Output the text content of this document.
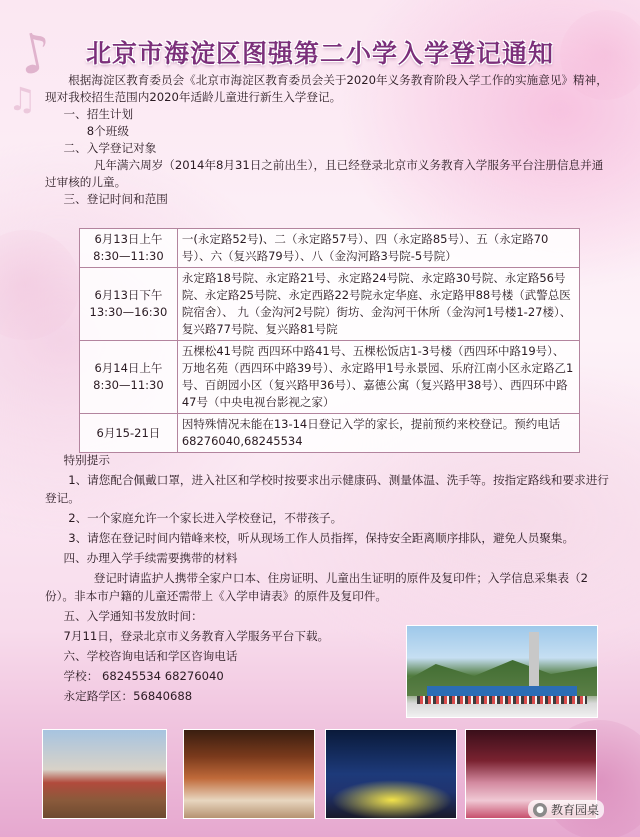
♪
♫
北京市海淀区图强第二小学入学登记通知

根据海淀区教育委员会《北京市海淀区教育委员会关于2020年义务教育阶段入学工作的实施意见》精神，现对我校招生范围内2020年适龄儿童进行新生入学登记。

一、招生计划

8个班级

二、入学登记对象

凡年满六周岁（2014年8月31日之前出生），且已经登录北京市义务教育入学服务平台注册信息并通过审核的儿童。

三、登记时间和范围

6月13日上午
8:30—11:30	一(永定路52号)、二（永定路57号）、四（永定路85号）、五（永定路70号）、六（复兴路79号）、八（金沟河路3号院-5号院）
6月13日下午
13:30—16:30	永定路18号院、永定路21号、永定路24号院、永定路30号院、永定路56号院、永定路25号院、永定西路22号院永定华庭、永定路甲88号楼（武警总医院宿舍）、 九（金沟河2号院）街坊、金沟河干休所（金沟河1号楼1-27楼）、复兴路77号院、复兴路81号院
6月14日上午
8:30—11:30	五棵松41号院 西四环中路41号、五棵松饭店1-3号楼（西四环中路19号）、万地名苑（西四环中路39号）、永定路甲1号永景园、乐府江南小区永定路乙1号、百朗园小区（复兴路甲36号）、嘉德公寓（复兴路甲38号）、西四环中路47号（中央电视台影视之家）
6月15-21日	因特殊情况未能在13-14日登记入学的家长，提前预约来校登记。预约电话68276040,68245534

特别提示

1、请您配合佩戴口罩，进入社区和学校时按要求出示健康码、测量体温、洗手等。按指定路线和要求进行登记。

2、一个家庭允许一个家长进入学校登记，不带孩子。

3、请您在登记时间内错峰来校，听从现场工作人员指挥，保持安全距离顺序排队，避免人员聚集。

四、办理入学手续需要携带的材料

登记时请监护人携带全家户口本、住房证明、儿童出生证明的原件及复印件；入学信息采集表（2份）。非本市户籍的儿童还需带上《入学申请表》的原件及复印件。

五、入学通知书发放时间：

7月11日，登录北京市义务教育入学服务平台下载。

六、学校咨询电话和学区咨询电话

学校： 68245534 68276040

永定路学区：56840688

● 教育园桌
